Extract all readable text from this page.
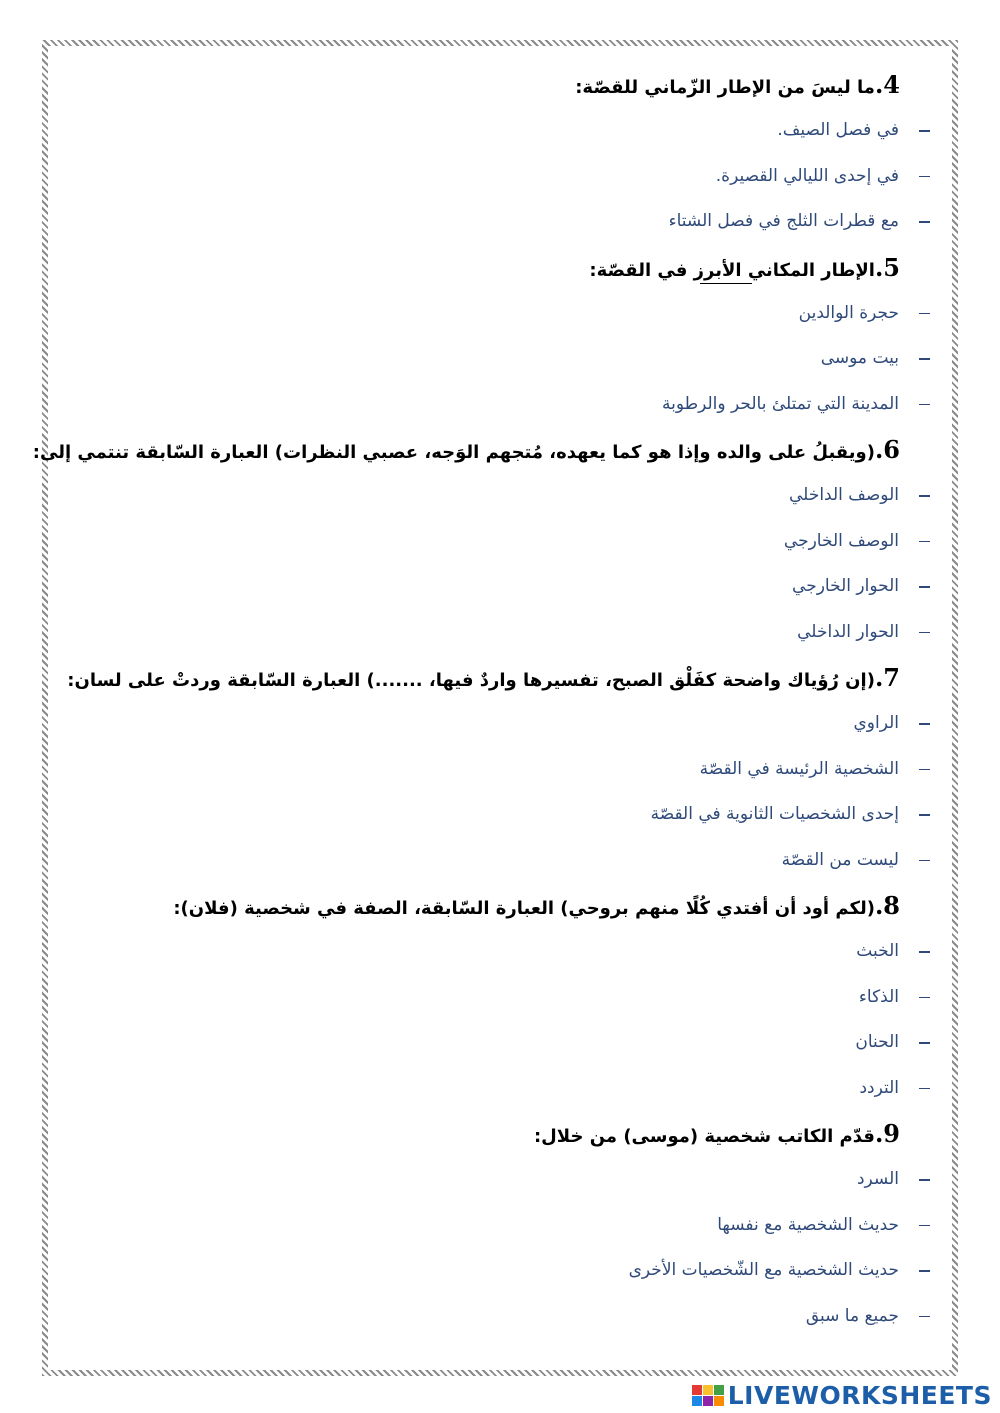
4.
ما ليسَ من الإطار الزّماني للقصّة:
في فصل الصيف.
في إحدى الليالي القصيرة.
مع قطرات الثلج في فصل الشتاء
5.
الإطار المكاني الأبرز في القصّة:
حجرة الوالدين
بيت موسى
المدينة التي تمتلئ بالحر والرطوبة
6.
(ويقبلُ على والده وإذا هو كما يعهده، مُتجهم الوَجه، عصبي النظرات) العبارة السّابقة تنتمي إلى:
الوصف الداخلي
الوصف الخارجي
الحوار الخارجي
الحوار الداخلي
7.
(إن رُؤياك واضحة كفَلْق الصبح، تفسيرها واردٌ فيها، .......) العبارة السّابقة وردتْ على لسان:
الراوي
الشخصية الرئيسة في القصّة
إحدى الشخصيات الثانوية في القصّة
ليست من القصّة
8.
(لكم أود أن أفتدي كُلًا منهم بروحي) العبارة السّابقة، الصفة في شخصية (فلان):
الخبث
الذكاء
الحنان
التردد
9.
قدّم الكاتب شخصية (موسى) من خلال:
السرد
حديث الشخصية مع نفسها
حديث الشخصية مع الشّخصيات الأخرى
جميع ما سبق
LIVEWORKSHEETS
